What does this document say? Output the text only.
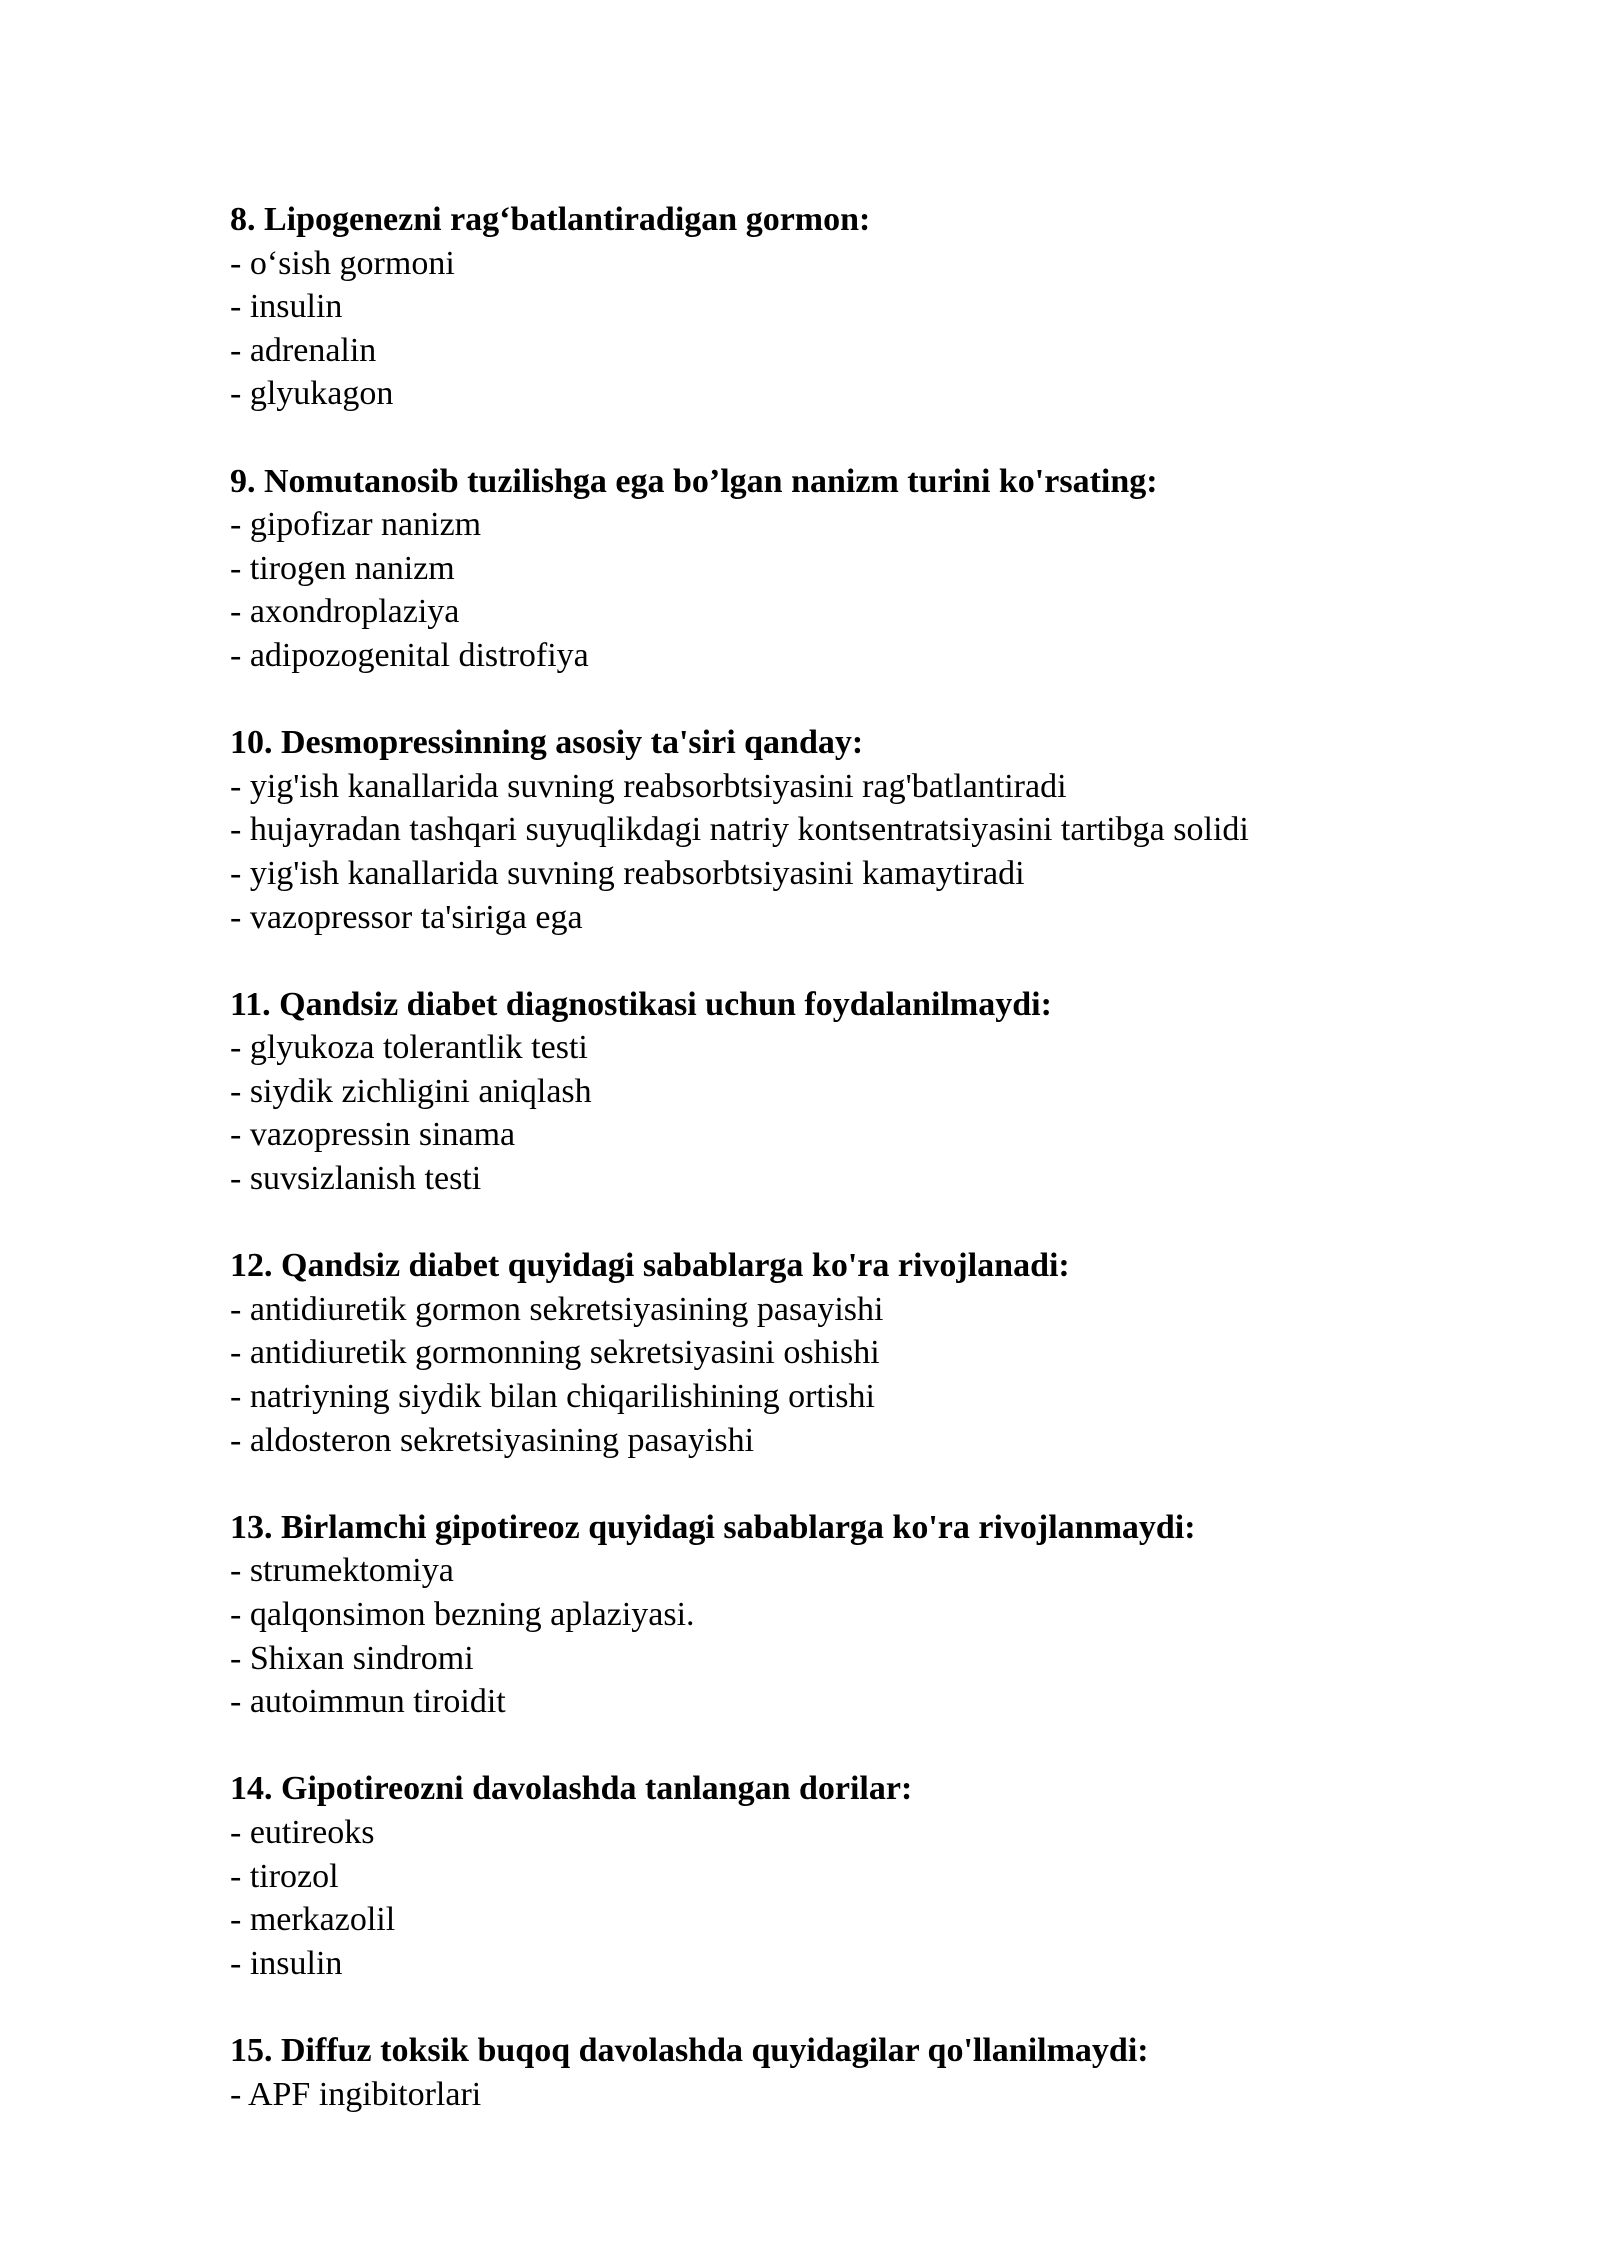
8. Lipogenezni rag‘batlantiradigan gormon:
- o‘sish gormoni
- insulin
- adrenalin
- glyukagon
9. Nomutanosib tuzilishga ega bo’lgan nanizm turini ko'rsating:
- gipofizar nanizm
- tirogen nanizm
- axondroplaziya
- adipozogenital distrofiya
10. Desmopressinning asosiy ta'siri qanday:
- yig'ish kanallarida suvning reabsorbtsiyasini rag'batlantiradi
- hujayradan tashqari suyuqlikdagi natriy kontsentratsiyasini tartibga solidi
- yig'ish kanallarida suvning reabsorbtsiyasini kamaytiradi
- vazopressor ta'siriga ega
11. Qandsiz diabet diagnostikasi uchun foydalanilmaydi:
- glyukoza tolerantlik testi
- siydik zichligini aniqlash
- vazopressin sinama
- suvsizlanish testi
12. Qandsiz diabet quyidagi sabablarga ko'ra rivojlanadi:
- antidiuretik gormon sekretsiyasining pasayishi
- antidiuretik gormonning sekretsiyasini oshishi
- natriyning siydik bilan chiqarilishining ortishi
- aldosteron sekretsiyasining pasayishi
13. Birlamchi gipotireoz quyidagi sabablarga ko'ra rivojlanmaydi:
- strumektomiya
- qalqonsimon bezning aplaziyasi.
- Shixan sindromi
- autoimmun tiroidit
14. Gipotireozni davolashda tanlangan dorilar:
- eutireoks
- tirozol
- merkazolil
- insulin
15. Diffuz toksik buqoq davolashda quyidagilar qo'llanilmaydi:
- APF ingibitorlari
